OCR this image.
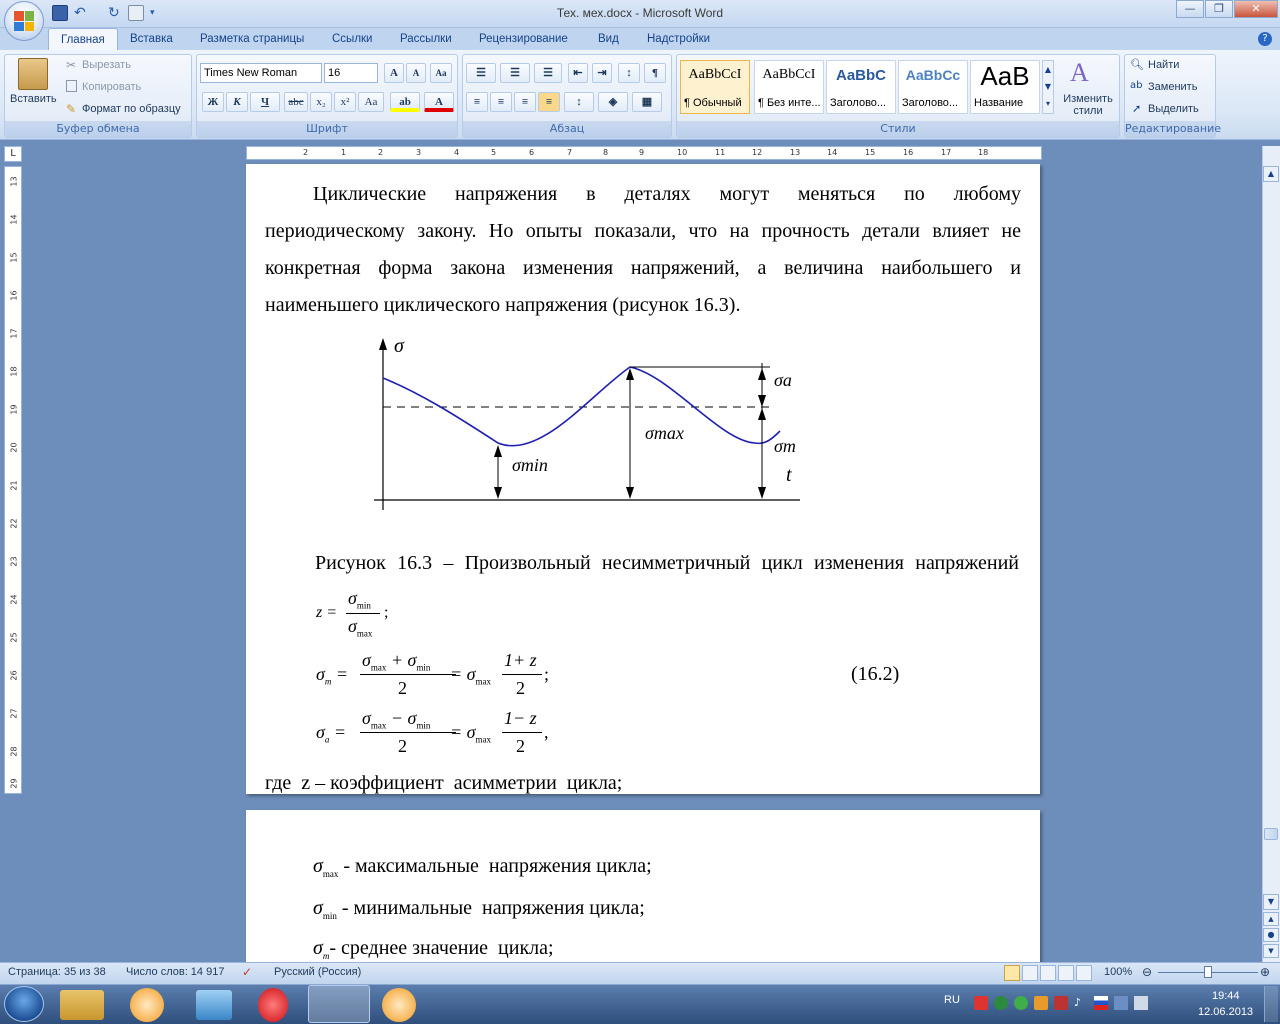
↶	↻	▾	Тех. мех.docx - Microsoft Word	—	❐	✕
Главная	Вставка	Разметка страницы	Ссылки	Рассылки	Рецензирование	Вид	Надстройки	?
Буфер обмена
Вставить
✂ Вырезать
Копировать
✎ Формат по образцу
Шрифт
Times New Roman	16	A	A	Aa
Ж	К	Ч	abc	x₂	x²	Aa	ab	A
Абзац
☰	☰	☰	⇤	⇥	↕	¶
≡	≡	≡	≡	↕	◈	▦
Стили
AaBbCcI
¶ Обычный
AaBbCcI
¶ Без инте...
AaBbC
Заголово...
AaBbCc
Заголово...
AaB
Название
▲
▼
▾
A
Изменить стили
Редактирование
🔍︎ Найти
ab Заменить
➚ Выделить
L	2	1	2	3	4	5	6	7	8	9	10	11	12	13	14	15	16	17	18
13
14
15
16
17
18
19
20
21
22
23
24
25
26
27
28
29
Циклические напряжения в деталях могут меняться по любому
периодическому закону. Но опыты показали, что на прочность детали влияет не
конкретная форма закона изменения напряжений, а величина наибольшего и
наименьшего циклического напряжения (рисунок 16.3).
σ
σa
σmax
σm
σmin	t
Рисунок 16.3 – Произвольный несимметричный цикл изменения напряжений
z =
$\sigma_{min}$
$\sigma_{max}$
;
$\sigma_m$ =
$\sigma_{max} + \sigma_{min}$
2
= $\sigma_{max}$
1+ z
2
;	(16.2)
$\sigma_a$ =
$\sigma_{max} - \sigma_{min}$
2
= $\sigma_{max}$
1− z
2
,
где  z – коэффициент  асимметрии  цикла;

$\sigma_{max}$ - максимальные  напряжения цикла;

$\sigma_{min}$ - минимальные  напряжения цикла;

$\sigma_m-$ среднее значение  цикла;

▲
▼
▲
●
▼
Страница: 35 из 38 Число слов: 14 917 ✓ Русский (Россия)	100% ⊖	⊕
RU	♪	19:44
12.06.2013
